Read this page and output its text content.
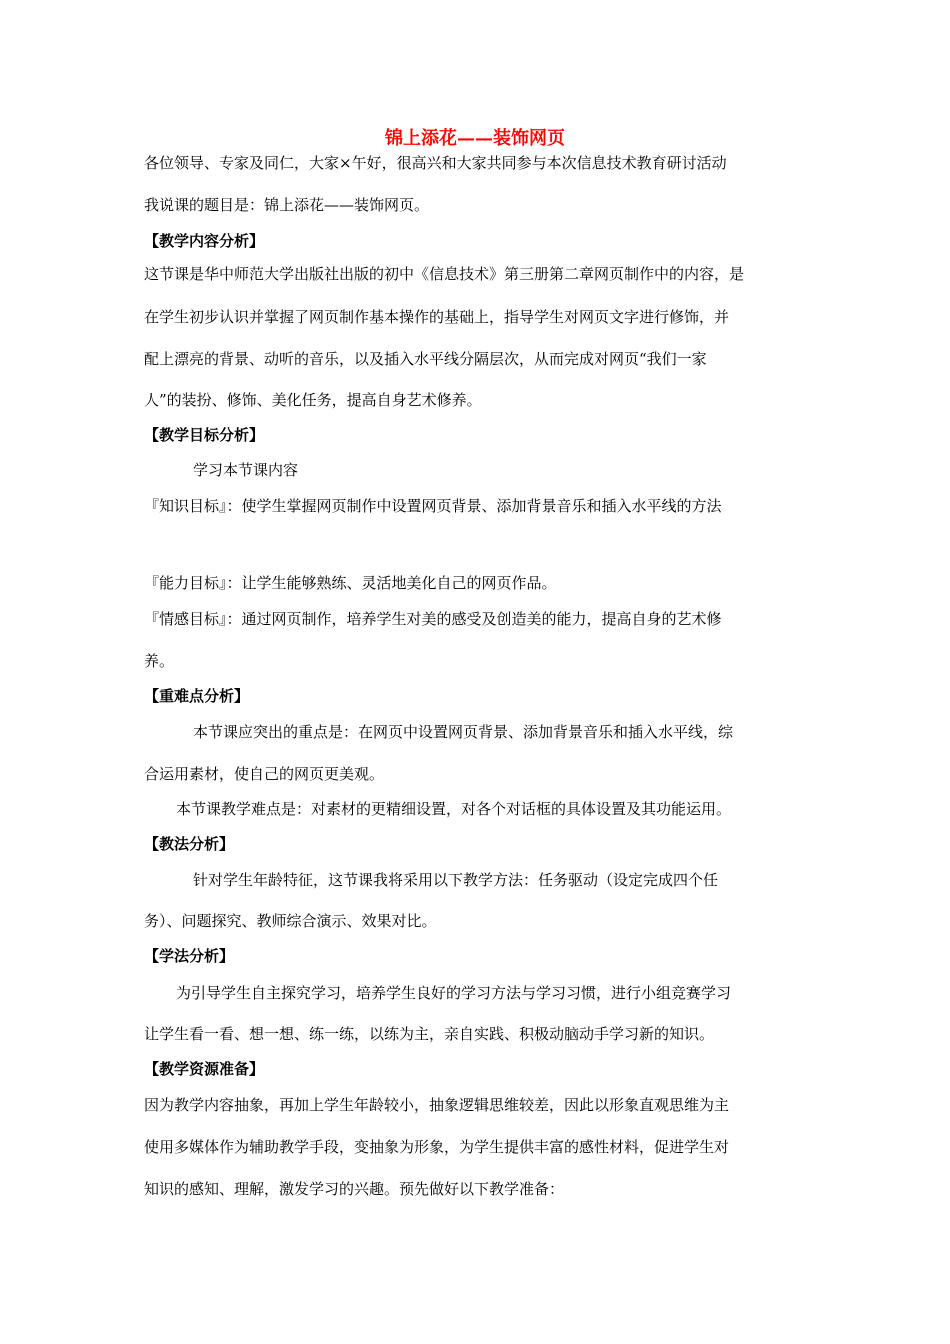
锦上添花——装饰网页
各位领导、专家及同仁，大家×午好，很高兴和大家共同参与本次信息技术教育研讨活动
我说课的题目是：锦上添花——装饰网页。
【教学内容分析】
这节课是华中师范大学出版社出版的初中《信息技术》第三册第二章网页制作中的内容，是
在学生初步认识并掌握了网页制作基本操作的基础上，指导学生对网页文字进行修饰，并
配上漂亮的背景、动听的音乐，以及插入水平线分隔层次，从而完成对网页“我们一家
人”的装扮、修饰、美化任务，提高自身艺术修养。
【教学目标分析】
学习本节课内容
『知识目标』：使学生掌握网页制作中设置网页背景、添加背景音乐和插入水平线的方法
『能力目标』：让学生能够熟练、灵活地美化自己的网页作品。
『情感目标』：通过网页制作，培养学生对美的感受及创造美的能力，提高自身的艺术修
养。
【重难点分析】
本节课应突出的重点是：在网页中设置网页背景、添加背景音乐和插入水平线，综
合运用素材，使自己的网页更美观。
本节课教学难点是：对素材的更精细设置，对各个对话框的具体设置及其功能运用。
【教法分析】
针对学生年龄特征，这节课我将采用以下教学方法：任务驱动（设定完成四个任
务）、问题探究、教师综合演示、效果对比。
【学法分析】
为引导学生自主探究学习，培养学生良好的学习方法与学习习惯，进行小组竞赛学习
让学生看一看、想一想、练一练，以练为主，亲自实践、积极动脑动手学习新的知识。
【教学资源准备】
因为教学内容抽象，再加上学生年龄较小，抽象逻辑思维较差，因此以形象直观思维为主
使用多媒体作为辅助教学手段，变抽象为形象，为学生提供丰富的感性材料，促进学生对
知识的感知、理解，激发学习的兴趣。预先做好以下教学准备：
